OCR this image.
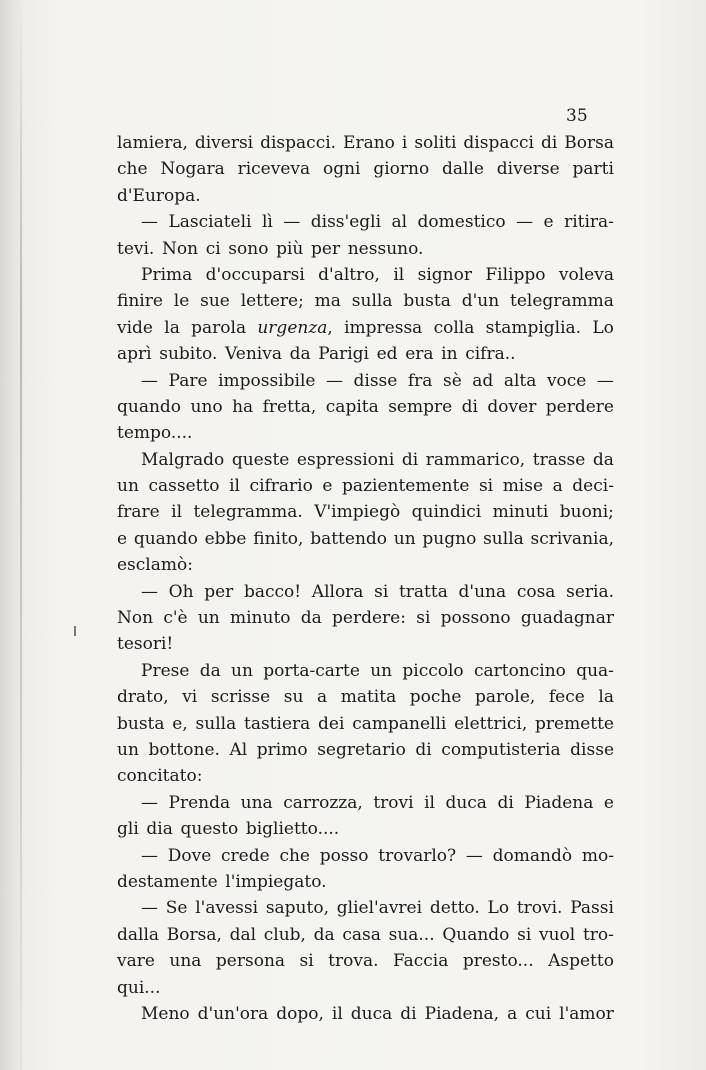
35
lamiera, diversi dispacci. Erano i soliti dispacci di Borsa
che Nogara riceveva ogni giorno dalle diverse parti
d'Europa.
— Lasciateli lì — diss'egli al domestico — e ritira-
tevi. Non ci sono più per nessuno.
Prima d'occuparsi d'altro, il signor Filippo voleva
finire le sue lettere; ma sulla busta d'un telegramma
vide la parola urgenza, impressa colla stampiglia. Lo
aprì subito. Veniva da Parigi ed era in cifra..
— Pare impossibile — disse fra sè ad alta voce —
quando uno ha fretta, capita sempre di dover perdere
tempo....
Malgrado queste espressioni di rammarico, trasse da
un cassetto il cifrario e pazientemente si mise a deci-
frare il telegramma. V'impiegò quindici minuti buoni;
e quando ebbe finito, battendo un pugno sulla scrivania,
esclamò:
— Oh per bacco! Allora si tratta d'una cosa seria.
Non c'è un minuto da perdere: si possono guadagnar
tesori!
Prese da un porta-carte un piccolo cartoncino qua-
drato, vi scrisse su a matita poche parole, fece la
busta e, sulla tastiera dei campanelli elettrici, premette
un bottone. Al primo segretario di computisteria disse
concitato:
— Prenda una carrozza, trovi il duca di Piadena e
gli dia questo biglietto....
— Dove crede che posso trovarlo? — domandò mo-
destamente l'impiegato.
— Se l'avessi saputo, gliel'avrei detto. Lo trovi. Passi
dalla Borsa, dal club, da casa sua... Quando si vuol tro-
vare una persona si trova. Faccia presto... Aspetto
qui...
Meno d'un'ora dopo, il duca di Piadena, a cui l'amor
